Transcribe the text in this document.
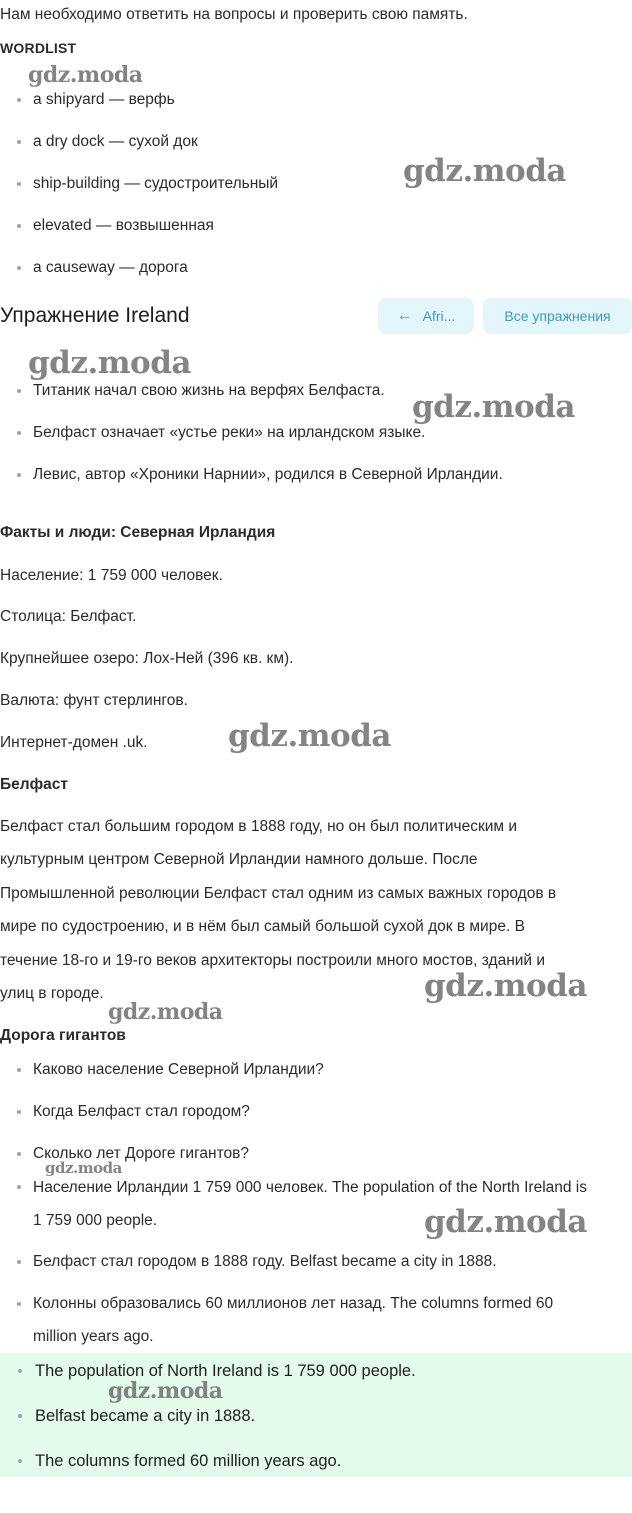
Нам необходимо ответить на вопросы и проверить свою память.

WORDLIST

a shipyard — верфь
a dry dock — сухой док
ship-building — судостроительный
elevated — возвышенная
a causeway — дорога

Упражнение Ireland	← Afri...	Все упражнения
Титаник начал свою жизнь на верфях Белфаста.
Белфаст означает «устье реки» на ирландском языке.
Левис, автор «Хроники Нарнии», родился в Северной Ирландии.

Факты и люди: Северная Ирландия

Население: 1 759 000 человек.

Столица: Белфаст.

Крупнейшее озеро: Лох-Ней (396 кв. км).

Валюта: фунт стерлингов.

Интернет-домен .uk.

Белфаст

Белфаст стал большим городом в 1888 году, но он был политическим и

культурным центром Северной Ирландии намного дольше. После

Промышленной революции Белфаст стал одним из самых важных городов в

мире по судостроению, и в нём был самый большой сухой док в мире. В

течение 18-го и 19-го веков архитекторы построили много мостов, зданий и

улиц в городе.

Дорога гигантов

Каково население Северной Ирландии?
Когда Белфаст стал городом?
Сколько лет Дороге гигантов?

Население Ирландии 1 759 000 человек. The population of the North Ireland is

1 759 000 people.

Белфаст стал городом в 1888 году. Belfast became a city in 1888.

Колонны образовались 60 миллионов лет назад. The columns formed 60

million years ago.

The population of North Ireland is 1 759 000 people.
Belfast became a city in 1888.
The columns formed 60 million years ago.
gdz.moda
gdz.moda
gdz.moda
gdz.moda
gdz.moda
gdz.moda
gdz.moda
gdz.moda
gdz.moda
gdz.moda
